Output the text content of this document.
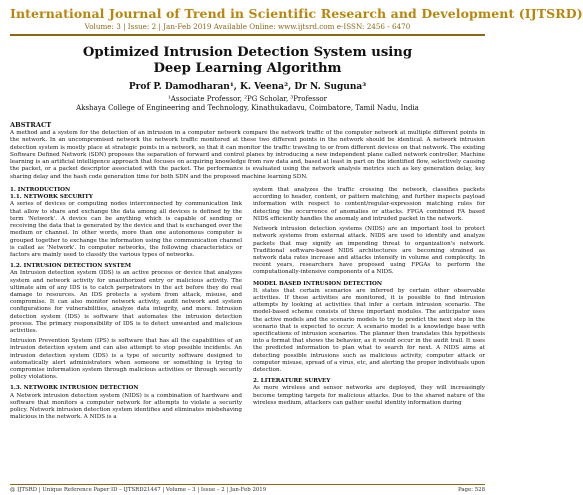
International Journal of Trend in Scientific Research and Development (IJTSRD)
Volume: 3 | Issue: 2 | Jan-Feb 2019 Available Online: www.ijtsrd.com e-ISSN: 2456 - 6470
Optimized Intrusion Detection System using
Deep Learning Algorithm
Prof P. Damodharan¹, K. Veena², Dr N. Suguna³
¹Associate Professor, ²PG Scholar, ³Professor
Akshaya College of Engineering and Technology, Kinathukadavu, Coimbatore, Tamil Nadu, India
ABSTRACT
A method and a system for the detection of an intrusion in a computer network compare the network traffic of the computer network at multiple different points in the network. In an uncompromised network the network traffic monitored at these two different points in the network should be identical. A network intrusion detection system is mostly place at strategic points in a network, so that it can monitor the traffic traveling to or from different devices on that network. The existing Software Defined Network (SDN) proposes the separation of forward and control planes by introducing a new independent plane called network controller. Machine learning is an artificial intelligence approach that focuses on acquiring knowledge from raw data and, based at least in part on the identified flow, selectively causing the packet, or a packet descriptor associated with the packet. The performance is evaluated using the network analysis metrics such as key generation delay, key sharing delay and the hash code generation time for both SDN and the proposed machine learning SDN.
1. INTRODUCTION
1.1. NETWORK SECURITY

A series of devices or computing nodes interconnected by communication link that allow to share and exchange the data among all devices is defined by the term 'Network'. A device can be anything which is capable of sending or receiving the data that is generated by the device and that is exchanged over the medium or channel. In other words, more than one autonomous computer is grouped together to exchange the information using the communication channel is called as 'Network'. In computer networks, the following characteristics or factors are mainly used to classify the various types of networks.

1.2. INTRUSION DETECTION SYSTEM

An Intrusion detection system (IDS) is an active process or device that analyzes system and network activity for unauthorized entry or malicious activity. The ultimate aim of any IDS is to catch perpetrators in the act before they do real damage to resources. An IDS protects a system from attack, misuse, and compromise. It can also monitor network activity, audit network and system configurations for vulnerabilities, analyze data integrity, and more. Intrusion detection system (IDS) is software that automates the intrusion detection process. The primary responsibility of IDS is to detect unwanted and malicious activities.

Intrusion Prevention System (IPS) is software that has all the capabilities of an intrusion detection system and can also attempt to stop possible incidents. An intrusion detection system (IDS) is a type of security software designed to automatically alert administrators when someone or something is trying to compromise information system through malicious activities or through security policy violations.

1.3. NETWORK INTRUSION DETECTION

A Network intrusion detection system (NIDS) is a combination of hardware and software that monitors a computer network for attempts to violate a security policy. Network intrusion detection system identifies and eliminates misbehaving malicious in the network. A NIDS is a

system that analyzes the traffic crossing the network, classifies packets according to header, content, or pattern matching, and further inspects payload information with respect to content/regular-expression matching rules for detecting the occurrence of anomalies or attacks. FPGA combined FA based NIDS efficiently handles the anomaly and intruded packet in the network.

Network intrusion detection systems (NIDS) are an important tool to protect network systems from external attack. NIDS are used to identify and analyze packets that may signify an impending threat to organization's network. Traditional software-based NIDS architectures are becoming strained as network data rates increase and attacks intensify in volume and complexity. In recent years, researchers have proposed using FPGAs to perform the computationally-intensive components of a NIDS.

MODEL BASED INTRUSION DETECTION

It states that certain scenarios are inferred by certain other observable activities. If these activities are monitored, it is possible to find intrusion attempts by looking at activities that infer a certain intrusion scenario. The model-based scheme consists of three important modules. The anticipator uses the active models and the scenario models to try to predict the next step in the scenario that is expected to occur. A scenario model is a knowledge base with specifications of intrusion scenarios. The planner then translates this hypothesis into a format that shows the behavior, as it would occur in the audit trail. It uses the predicted information to plan what to search for next. A NIDS aims at detecting possible intrusions such as malicious activity, computer attack or computer misuse, spread of a virus, etc, and alerting the proper individuals upon detection.

2. LITERATURE SURVEY

As more wireless and sensor networks are deployed, they will increasingly become tempting targets for malicious attacks. Due to the shared nature of the wireless medium, attackers can gather useful identity information during

@ IJTSRD | Unique Reference Paper ID – IJTSRD21447 | Volume – 3 | Issue – 2 | Jan-Feb 2019	Page: 528
